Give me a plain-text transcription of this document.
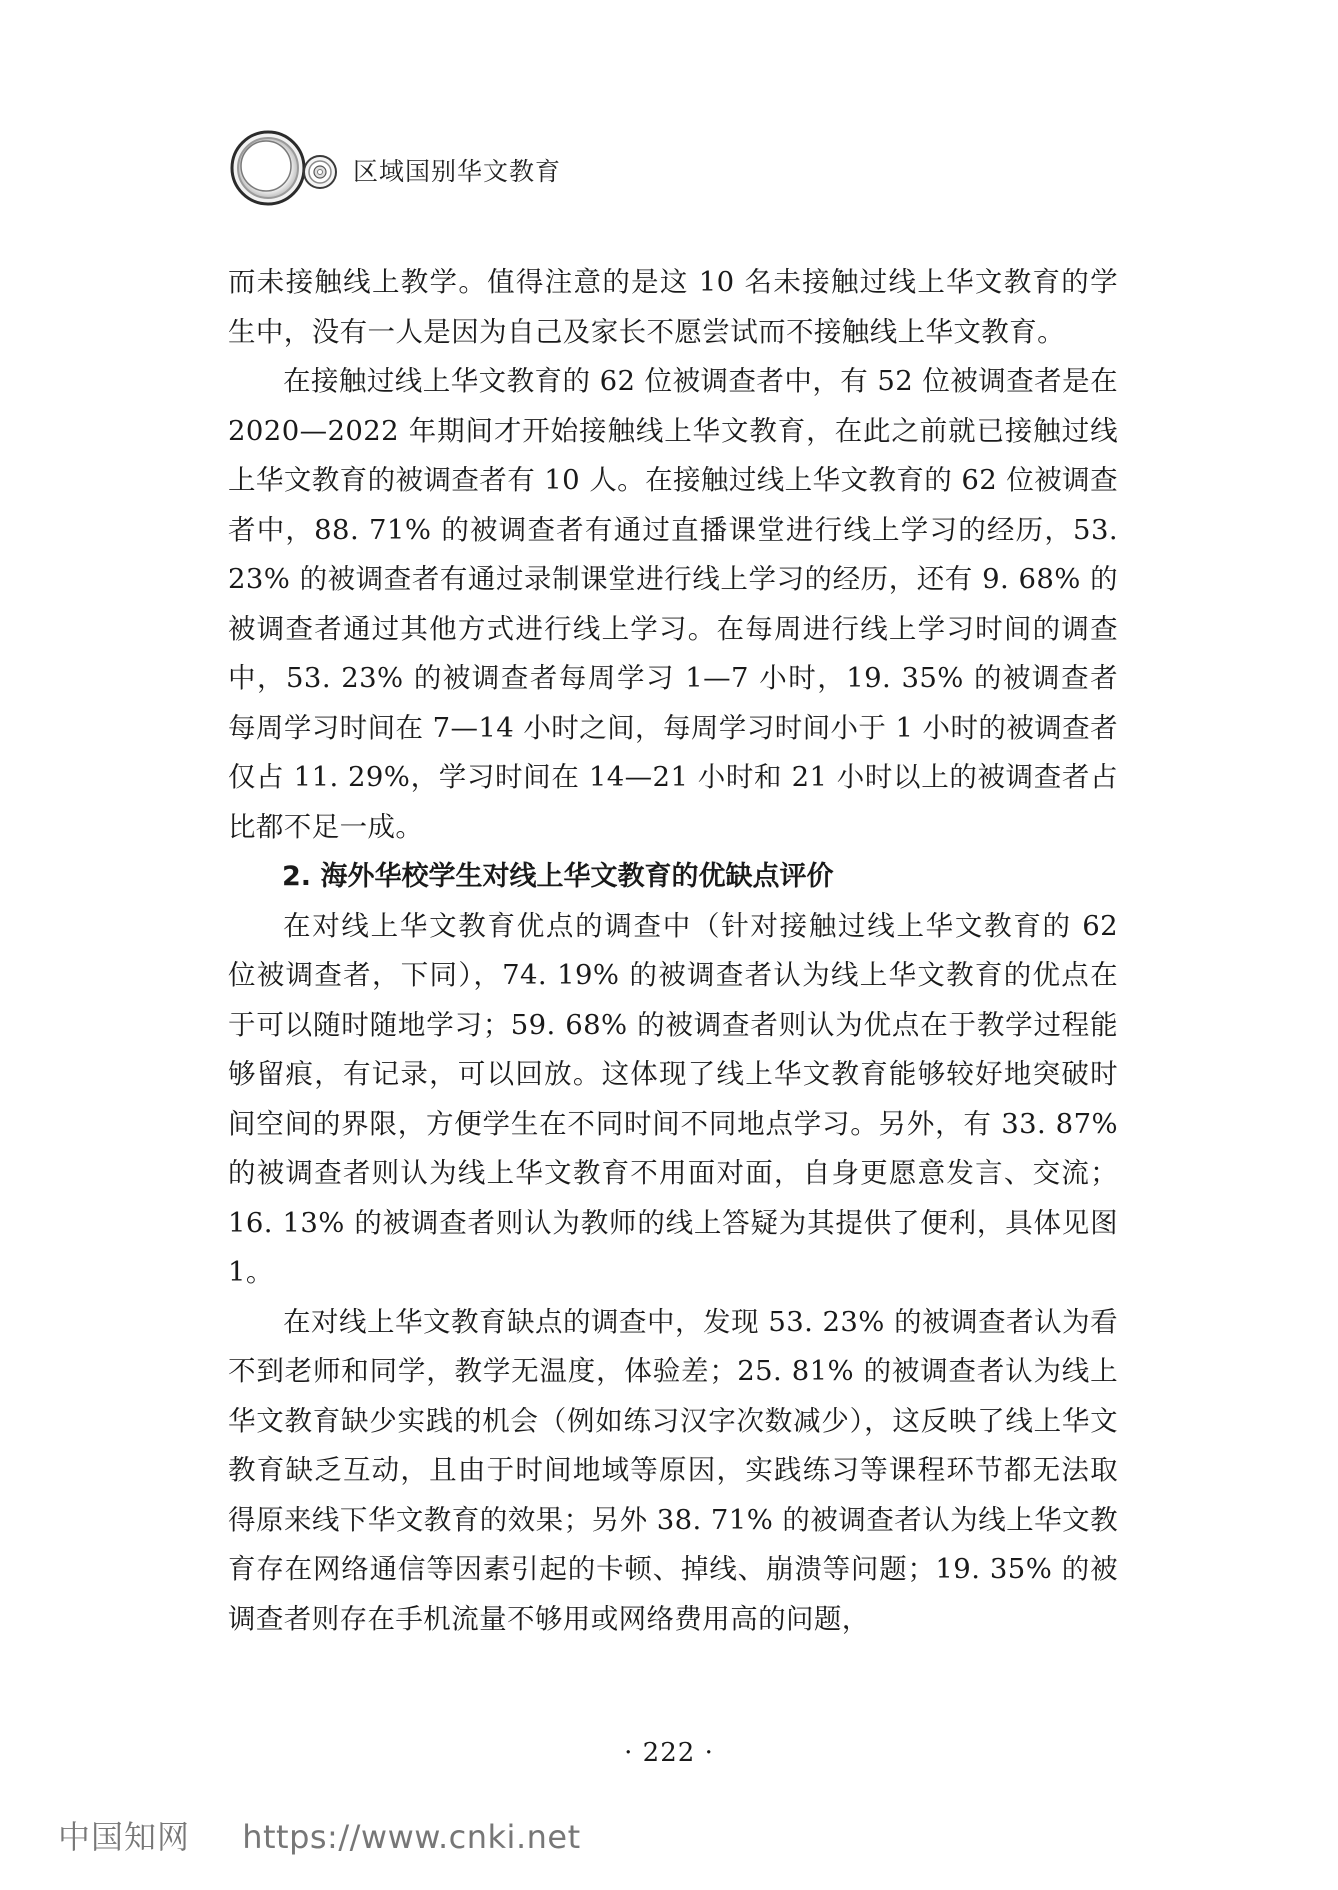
区域国别华文教育

而未接触线上教学。值得注意的是这 10 名未接触过线上华文教育的学生中，没有一人是因为自己及家长不愿尝试而不接触线上华文教育。

在接触过线上华文教育的 62 位被调查者中，有 52 位被调查者是在 2020—2022 年期间才开始接触线上华文教育，在此之前就已接触过线上华文教育的被调查者有 10 人。在接触过线上华文教育的 62 位被调查者中，88. 71% 的被调查者有通过直播课堂进行线上学习的经历，53. 23% 的被调查者有通过录制课堂进行线上学习的经历，还有 9. 68% 的被调查者通过其他方式进行线上学习。在每周进行线上学习时间的调查中，53. 23% 的被调查者每周学习 1—7 小时，19. 35% 的被调查者每周学习时间在 7—14 小时之间，每周学习时间小于 1 小时的被调查者仅占 11. 29%，学习时间在 14—21 小时和 21 小时以上的被调查者占比都不足一成。

2. 海外华校学生对线上华文教育的优缺点评价

在对线上华文教育优点的调查中（针对接触过线上华文教育的 62 位被调查者，下同），74. 19% 的被调查者认为线上华文教育的优点在于可以随时随地学习；59. 68% 的被调查者则认为优点在于教学过程能够留痕，有记录，可以回放。这体现了线上华文教育能够较好地突破时间空间的界限，方便学生在不同时间不同地点学习。另外，有 33. 87% 的被调查者则认为线上华文教育不用面对面，自身更愿意发言、交流；16. 13% 的被调查者则认为教师的线上答疑为其提供了便利，具体见图 1。

在对线上华文教育缺点的调查中，发现 53. 23% 的被调查者认为看不到老师和同学，教学无温度，体验差；25. 81% 的被调查者认为线上华文教育缺少实践的机会（例如练习汉字次数减少），这反映了线上华文教育缺乏互动，且由于时间地域等原因，实践练习等课程环节都无法取得原来线下华文教育的效果；另外 38. 71% 的被调查者认为线上华文教育存在网络通信等因素引起的卡顿、掉线、崩溃等问题；19. 35% 的被调查者则存在手机流量不够用或网络费用高的问题，

· 222 ·
中国知网 https://www.cnki.net
